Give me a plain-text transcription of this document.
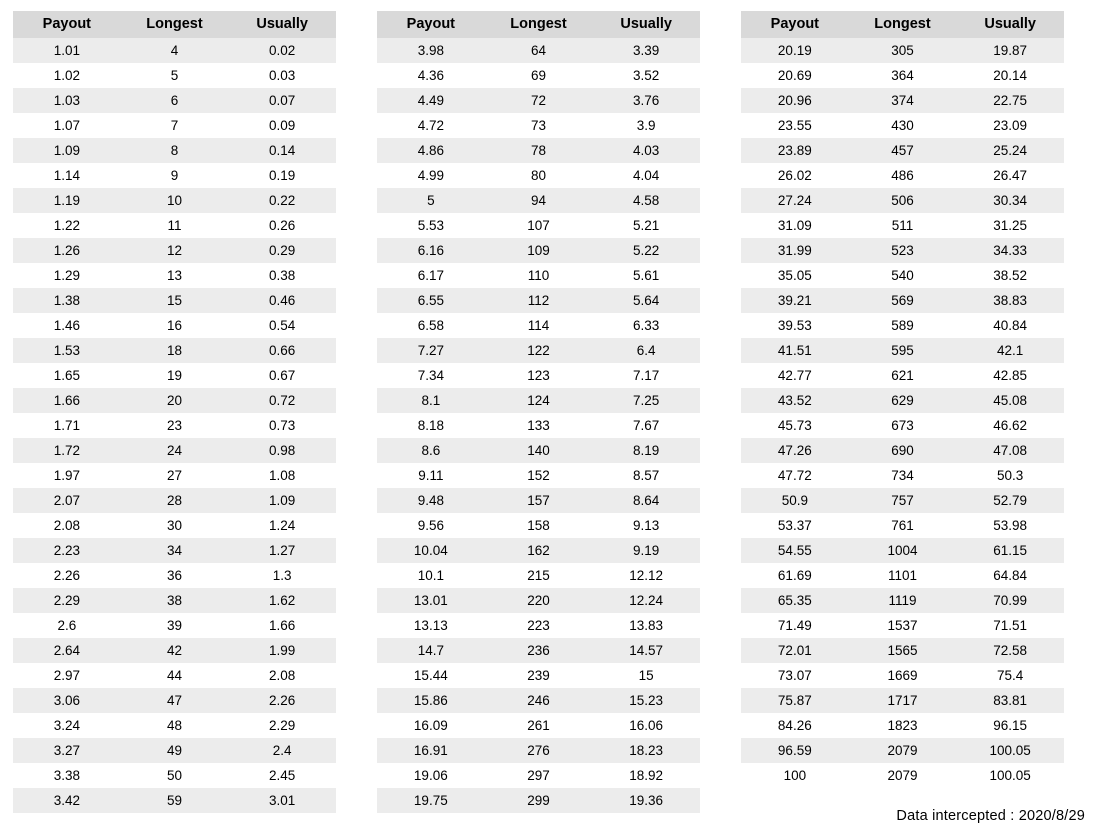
Payout	Longest	Usually
1.01	4	0.02
1.02	5	0.03
1.03	6	0.07
1.07	7	0.09
1.09	8	0.14
1.14	9	0.19
1.19	10	0.22
1.22	11	0.26
1.26	12	0.29
1.29	13	0.38
1.38	15	0.46
1.46	16	0.54
1.53	18	0.66
1.65	19	0.67
1.66	20	0.72
1.71	23	0.73
1.72	24	0.98
1.97	27	1.08
2.07	28	1.09
2.08	30	1.24
2.23	34	1.27
2.26	36	1.3
2.29	38	1.62
2.6	39	1.66
2.64	42	1.99
2.97	44	2.08
3.06	47	2.26
3.24	48	2.29
3.27	49	2.4
3.38	50	2.45
3.42	59	3.01
Payout	Longest	Usually
3.98	64	3.39
4.36	69	3.52
4.49	72	3.76
4.72	73	3.9
4.86	78	4.03
4.99	80	4.04
5	94	4.58
5.53	107	5.21
6.16	109	5.22
6.17	110	5.61
6.55	112	5.64
6.58	114	6.33
7.27	122	6.4
7.34	123	7.17
8.1	124	7.25
8.18	133	7.67
8.6	140	8.19
9.11	152	8.57
9.48	157	8.64
9.56	158	9.13
10.04	162	9.19
10.1	215	12.12
13.01	220	12.24
13.13	223	13.83
14.7	236	14.57
15.44	239	15
15.86	246	15.23
16.09	261	16.06
16.91	276	18.23
19.06	297	18.92
19.75	299	19.36
Payout	Longest	Usually
20.19	305	19.87
20.69	364	20.14
20.96	374	22.75
23.55	430	23.09
23.89	457	25.24
26.02	486	26.47
27.24	506	30.34
31.09	511	31.25
31.99	523	34.33
35.05	540	38.52
39.21	569	38.83
39.53	589	40.84
41.51	595	42.1
42.77	621	42.85
43.52	629	45.08
45.73	673	46.62
47.26	690	47.08
47.72	734	50.3
50.9	757	52.79
53.37	761	53.98
54.55	1004	61.15
61.69	1101	64.84
65.35	1119	70.99
71.49	1537	71.51
72.01	1565	72.58
73.07	1669	75.4
75.87	1717	83.81
84.26	1823	96.15
96.59	2079	100.05
100	2079	100.05
Data intercepted : 2020/8/29
